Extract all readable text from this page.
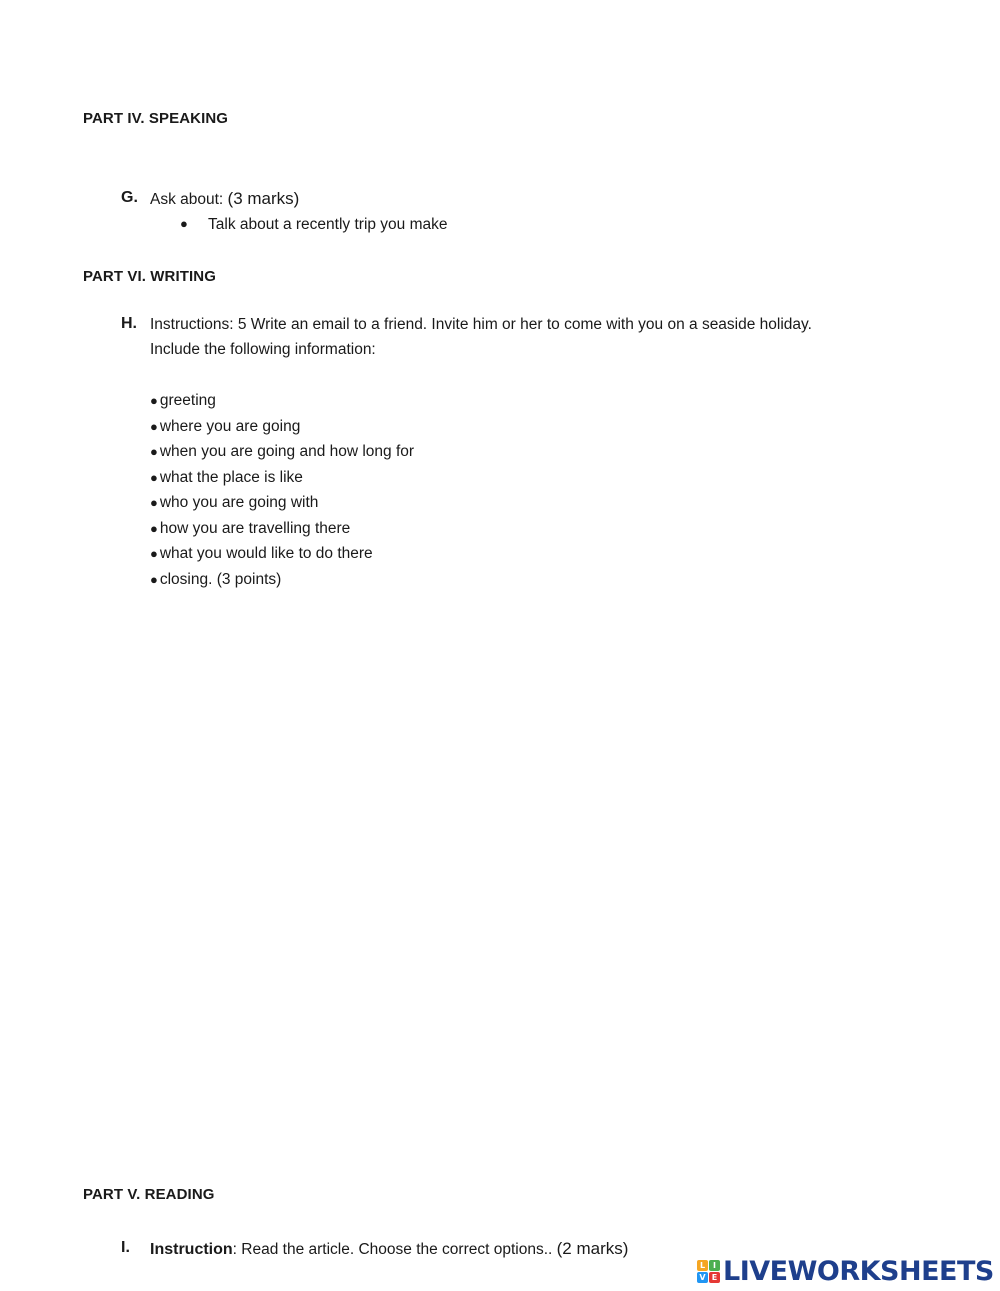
PART IV. SPEAKING
G. Ask about: (3 marks)
● Talk about a recently trip you make
PART VI. WRITING
H. Instructions: 5 Write an email to a friend. Invite him or her to come with you on a seaside holiday.
Include the following information:
● greeting
● where you are going
● when you are going and how long for
● what the place is like
● who you are going with
● how you are travelling there
● what you would like to do there
● closing. (3 points)
PART V. READING
I. Instruction: Read the article. Choose the correct options.. (2 marks)
L I
V E LIVEWORKSHEETS
